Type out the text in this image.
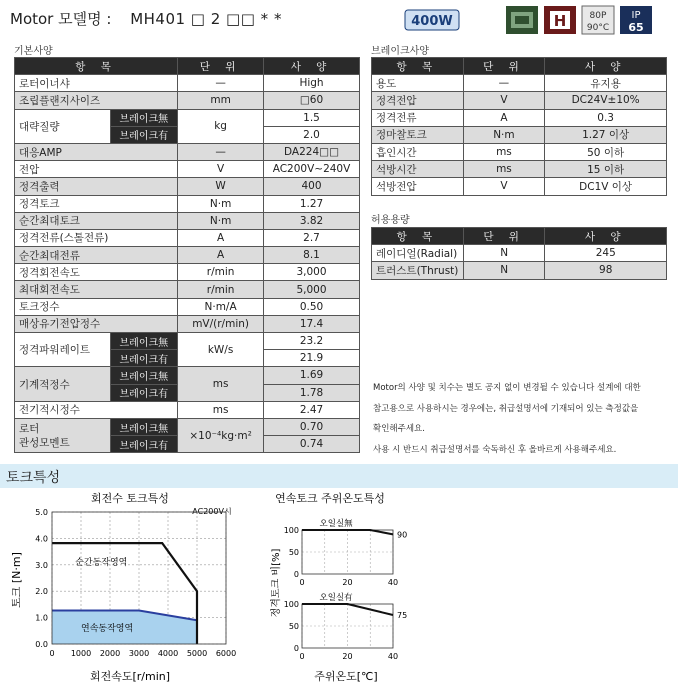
Motor 모델명 : MH401 □ 2 □□ * *	400W	H	80P
90°C
IP
65
기본사양
항 목		단 위	사 양
로터이너샤		—	High
조립플랜지사이즈		mm	□60
대략질량	브레이크無	kg	1.5
	브레이크有		2.0
대응AMP		—	DA224□□
전압		V	AC200V~240V
정격출력		W	400
정격토크		N·m	1.27
순간최대토크		N·m	3.82
정격전류(스톨전류)		A	2.7
순간최대전류		A	8.1
정격회전속도		r/min	3,000
최대회전속도		r/min	5,000
토크정수		N·m/A	0.50
매상유기전압정수		mV/(r/min)	17.4
정격파워레이트	브레이크無	kW/s	23.2
	브레이크有		21.9
기계적정수	브레이크無	ms	1.69
	브레이크有		1.78
전기적시정수		ms	2.47

로터
관성모멘트	브레이크無	×10⁻⁴kg·m²	0.70
	브레이크有		0.74
브레이크사양
항 목	단 위	사 양
용도	—	유지용
정격전압	V	DC24V±10%
정격전류	A	0.3
정마찰토크	N·m	1.27 이상
흡인시간	ms	50 이하
석방시간	ms	15 이하
석방전압	V	DC1V 이상
허용용량
항 목	단 위	사 양
레이디얼(Radial)	N	245
트러스트(Thrust)	N	98
Motor의 사양 및 치수는 별도 공지 없이 변경될 수 있습니다 설계에 대한
참고용으로 사용하시는 경우에는, 취급설명서에 기재되어 있는 측정값을
확인해주세요.
사용 시 반드시 취급설명서를 숙독하신 후 올바르게 사용해주세요.
토크특성
회전수 토크특성
AC200V시
순간동작영역
연속동작영역
0 1000 2000 3000 4000 5000 6000
0.0
1.0
2.0
3.0
4.0
5.0
회전속도[r/min]
토크 [N·m]
연속토크 주위온도특성
오일실無
90
0
50
100
0	20	40
오일실有
75
0
50
100
0	20	40
주위온도[℃]
정격토크 비[%]
